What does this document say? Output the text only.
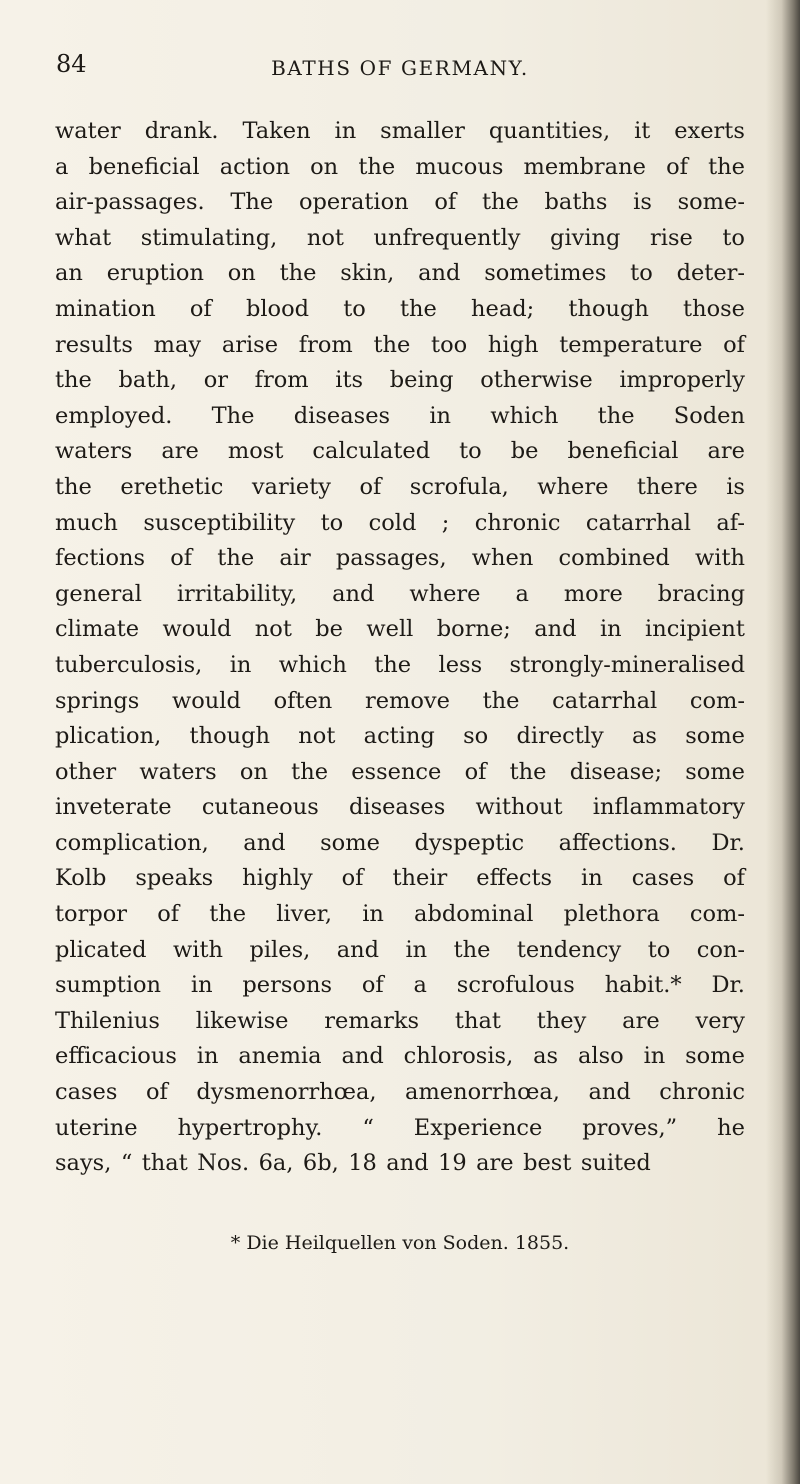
84	BATHS OF GERMANY.
water drank. Taken in smaller quantities, it exerts
a beneficial action on the mucous membrane of the
air-passages. The operation of the baths is some-
what stimulating, not unfrequently giving rise to
an eruption on the skin, and sometimes to deter-
mination of blood to the head; though those
results may arise from the too high temperature of
the bath, or from its being otherwise improperly
employed. The diseases in which the Soden
waters are most calculated to be beneficial are
the erethetic variety of scrofula, where there is
much susceptibility to cold ; chronic catarrhal af-
fections of the air passages, when combined with
general irritability, and where a more bracing
climate would not be well borne; and in incipient
tuberculosis, in which the less strongly-mineralised
springs would often remove the catarrhal com-
plication, though not acting so directly as some
other waters on the essence of the disease; some
inveterate cutaneous diseases without inflammatory
complication, and some dyspeptic affections. Dr.
Kolb speaks highly of their effects in cases of
torpor of the liver, in abdominal plethora com-
plicated with piles, and in the tendency to con-
sumption in persons of a scrofulous habit.* Dr.
Thilenius likewise remarks that they are very
efficacious in anemia and chlorosis, as also in some
cases of dysmenorrhœa, amenorrhœa, and chronic
uterine hypertrophy. “ Experience proves,” he
says, “ that Nos. 6a, 6b, 18 and 19 are best suited
* Die Heilquellen von Soden. 1855.
